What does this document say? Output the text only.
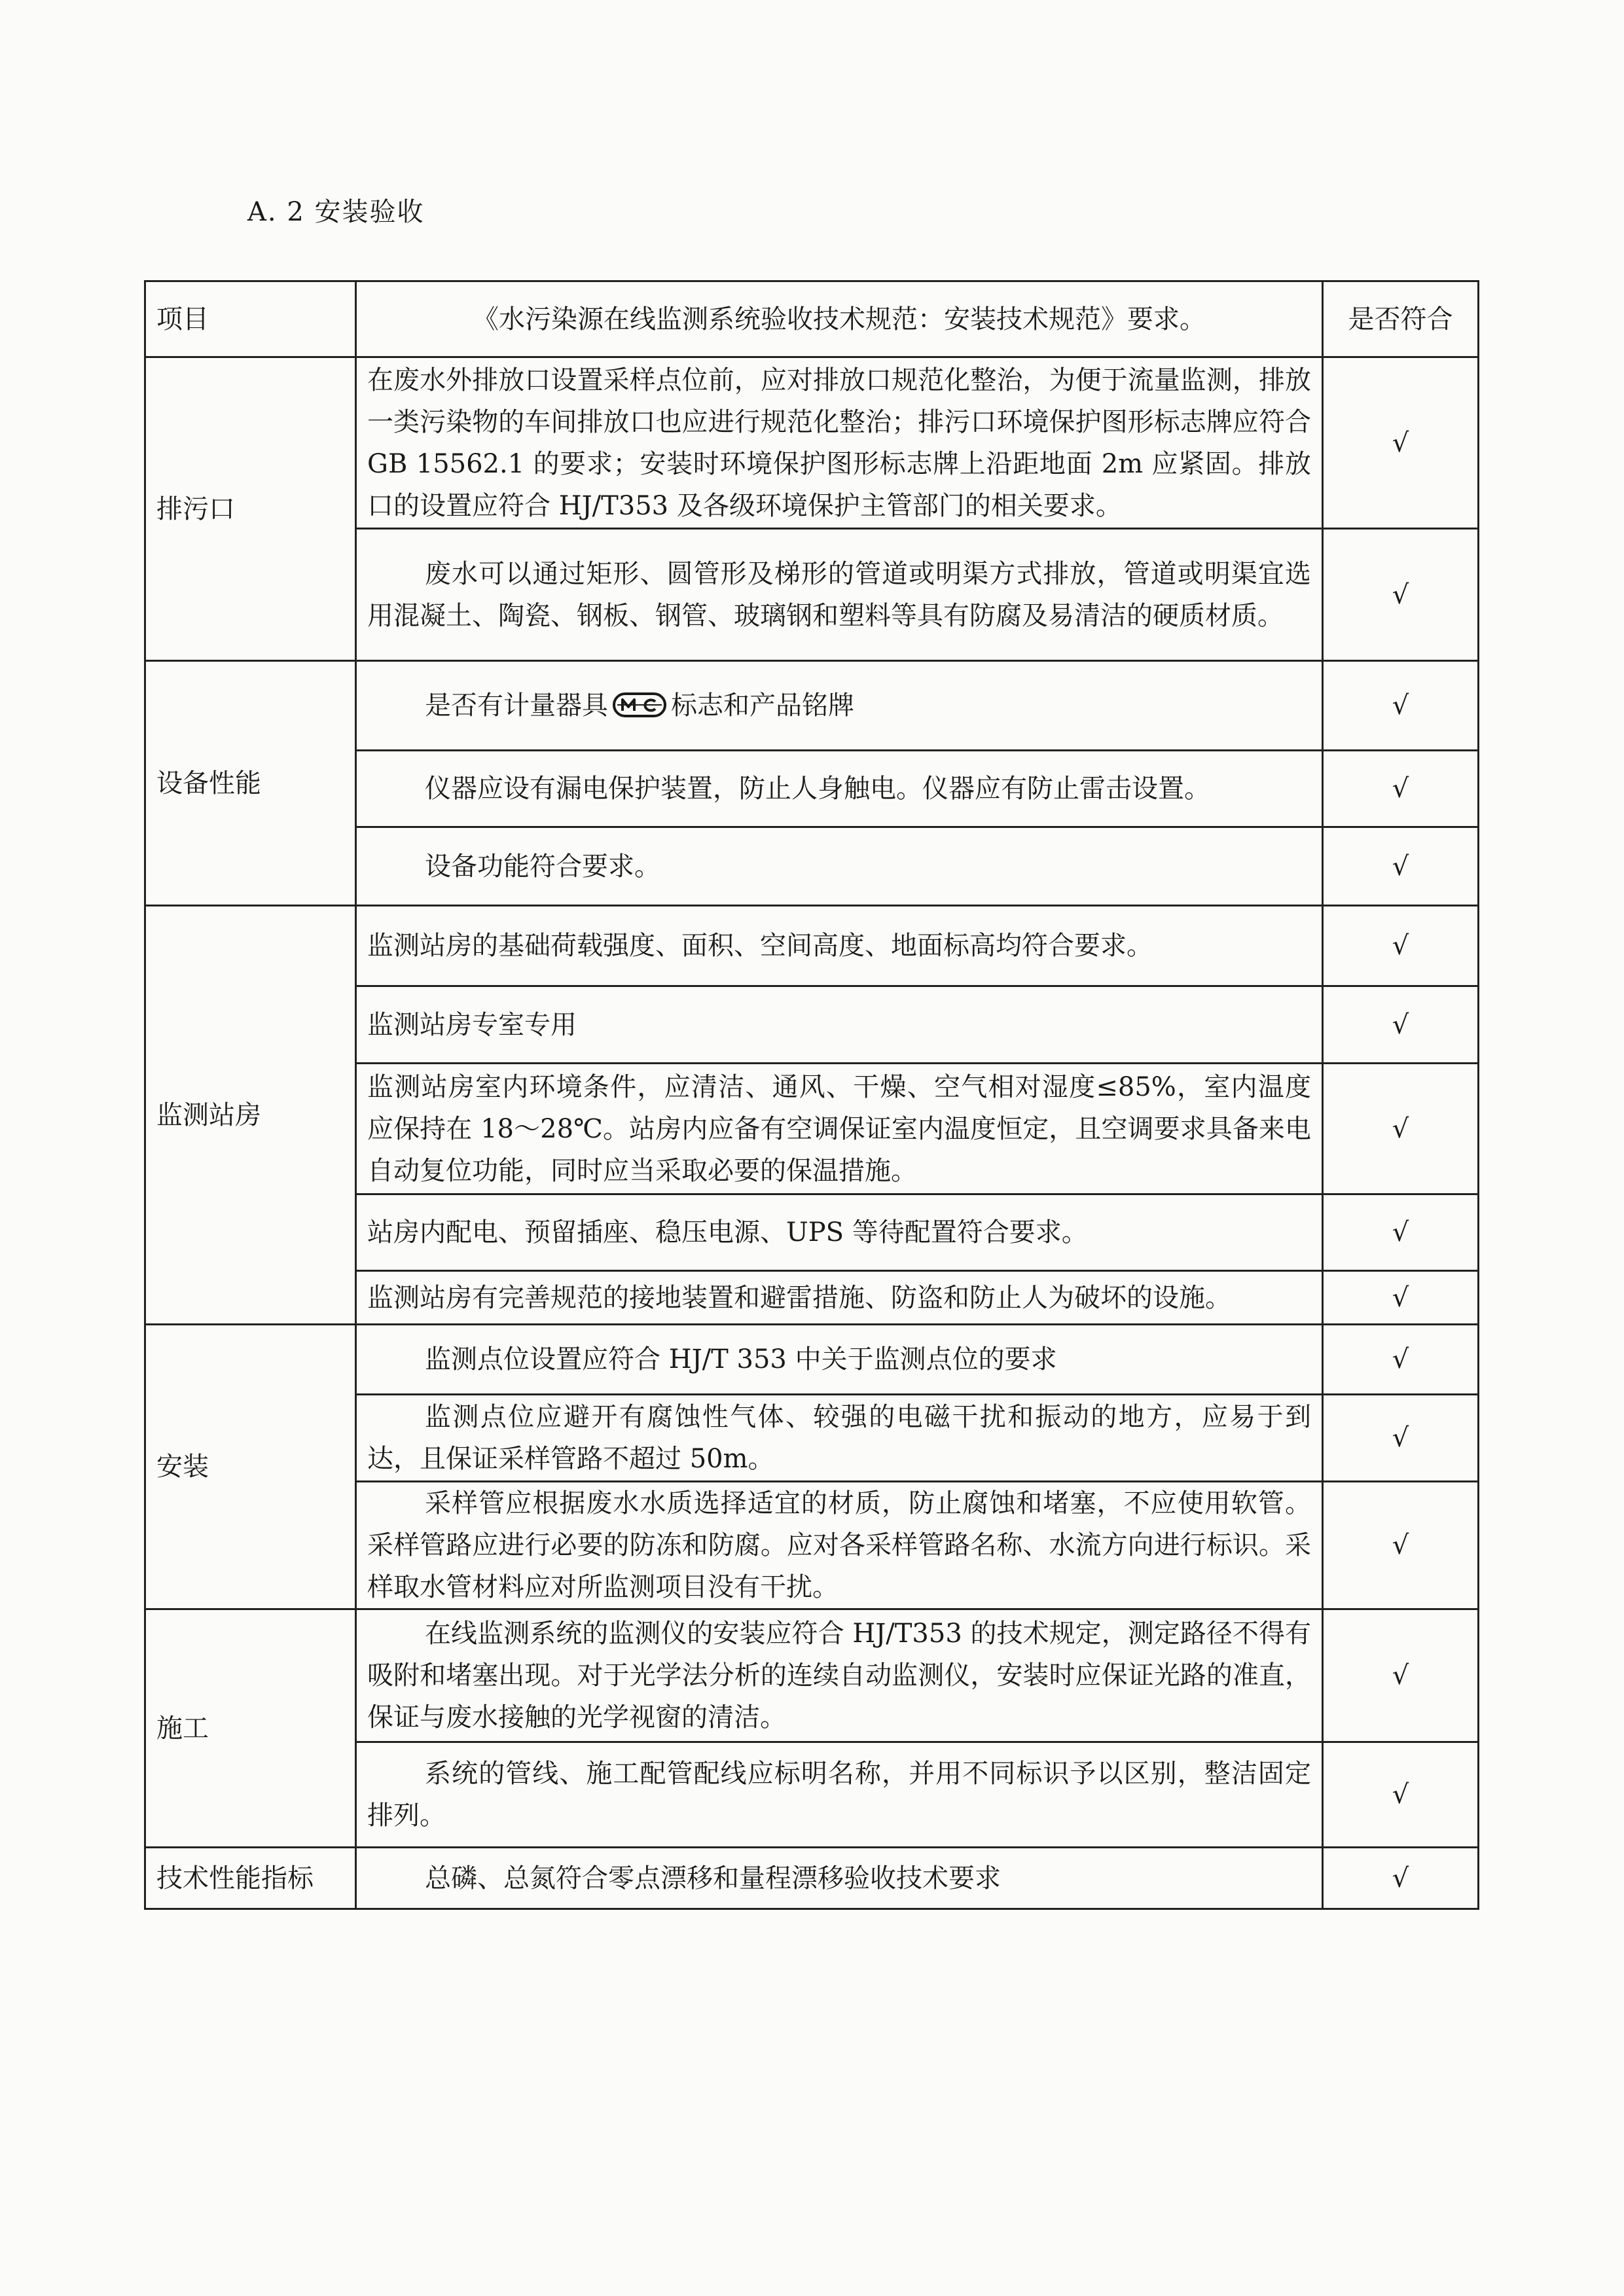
A. 2 安装验收
项目	《水污染源在线监测系统验收技术规范：安装技术规范》要求。	是否符合
排污口	在废水外排放口设置采样点位前，应对排放口规范化整治，为便于流量监测，排放一类污染物的车间排放口也应进行规范化整治；排污口环境保护图形标志牌应符合 GB 15562.1 的要求；安装时环境保护图形标志牌上沿距地面 2m 应紧固。排放口的设置应符合 HJ/T353 及各级环境保护主管部门的相关要求。	√
	废水可以通过矩形、圆管形及梯形的管道或明渠方式排放，管道或明渠宜选用混凝土、陶瓷、钢板、钢管、玻璃钢和塑料等具有防腐及易清洁的硬质材质。	√
设备性能	是否有计量器具 标志和产品铭牌	√
	仪器应设有漏电保护装置，防止人身触电。仪器应有防止雷击设置。	√
	设备功能符合要求。	√
监测站房	监测站房的基础荷载强度、面积、空间高度、地面标高均符合要求。	√
	监测站房专室专用	√
	监测站房室内环境条件，应清洁、通风、干燥、空气相对湿度≤85%，室内温度应保持在 18～28℃。站房内应备有空调保证室内温度恒定，且空调要求具备来电自动复位功能，同时应当采取必要的保温措施。	√
	站房内配电、预留插座、稳压电源、UPS 等待配置符合要求。	√
	监测站房有完善规范的接地装置和避雷措施、防盗和防止人为破坏的设施。	√
安装	监测点位设置应符合 HJ/T 353 中关于监测点位的要求	√
	监测点位应避开有腐蚀性气体、较强的电磁干扰和振动的地方，应易于到达，且保证采样管路不超过 50m。	√
	采样管应根据废水水质选择适宜的材质，防止腐蚀和堵塞，不应使用软管。采样管路应进行必要的防冻和防腐。应对各采样管路名称、水流方向进行标识。采样取水管材料应对所监测项目没有干扰。	√
施工	在线监测系统的监测仪的安装应符合 HJ/T353 的技术规定，测定路径不得有吸附和堵塞出现。对于光学法分析的连续自动监测仪，安装时应保证光路的准直，保证与废水接触的光学视窗的清洁。	√
	系统的管线、施工配管配线应标明名称，并用不同标识予以区别，整洁固定排列。	√
技术性能指标	总磷、总氮符合零点漂移和量程漂移验收技术要求	√
